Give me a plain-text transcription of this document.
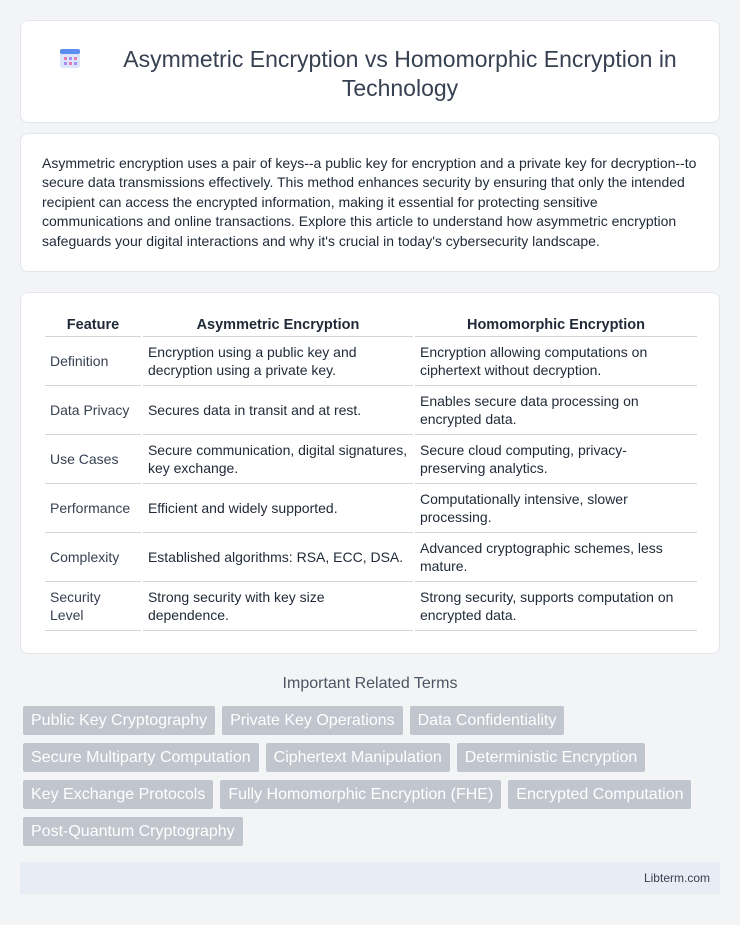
Asymmetric Encryption vs Homomorphic Encryption in Technology

Asymmetric encryption uses a pair of keys--a public key for encryption and a private key for decryption--to secure data transmissions effectively. This method enhances security by ensuring that only the intended recipient can access the encrypted information, making it essential for protecting sensitive communications and online transactions. Explore this article to understand how asymmetric encryption safeguards your digital interactions and why it's crucial in today's cybersecurity landscape.

Feature	Asymmetric Encryption	Homomorphic Encryption
Definition	Encryption using a public key and decryption using a private key.	Encryption allowing computations on ciphertext without decryption.
Data Privacy	Secures data in transit and at rest.	Enables secure data processing on encrypted data.
Use Cases	Secure communication, digital signatures, key exchange.	Secure cloud computing, privacy-preserving analytics.
Performance	Efficient and widely supported.	Computationally intensive, slower processing.
Complexity	Established algorithms: RSA, ECC, DSA.	Advanced cryptographic schemes, less mature.
Security Level	Strong security with key size dependence.	Strong security, supports computation on encrypted data.
Important Related Terms
Public Key Cryptography	Private Key Operations	Data Confidentiality
Secure Multiparty Computation	Ciphertext Manipulation	Deterministic Encryption
Key Exchange Protocols	Fully Homomorphic Encryption (FHE)	Encrypted Computation
Post-Quantum Cryptography
Libterm.com
